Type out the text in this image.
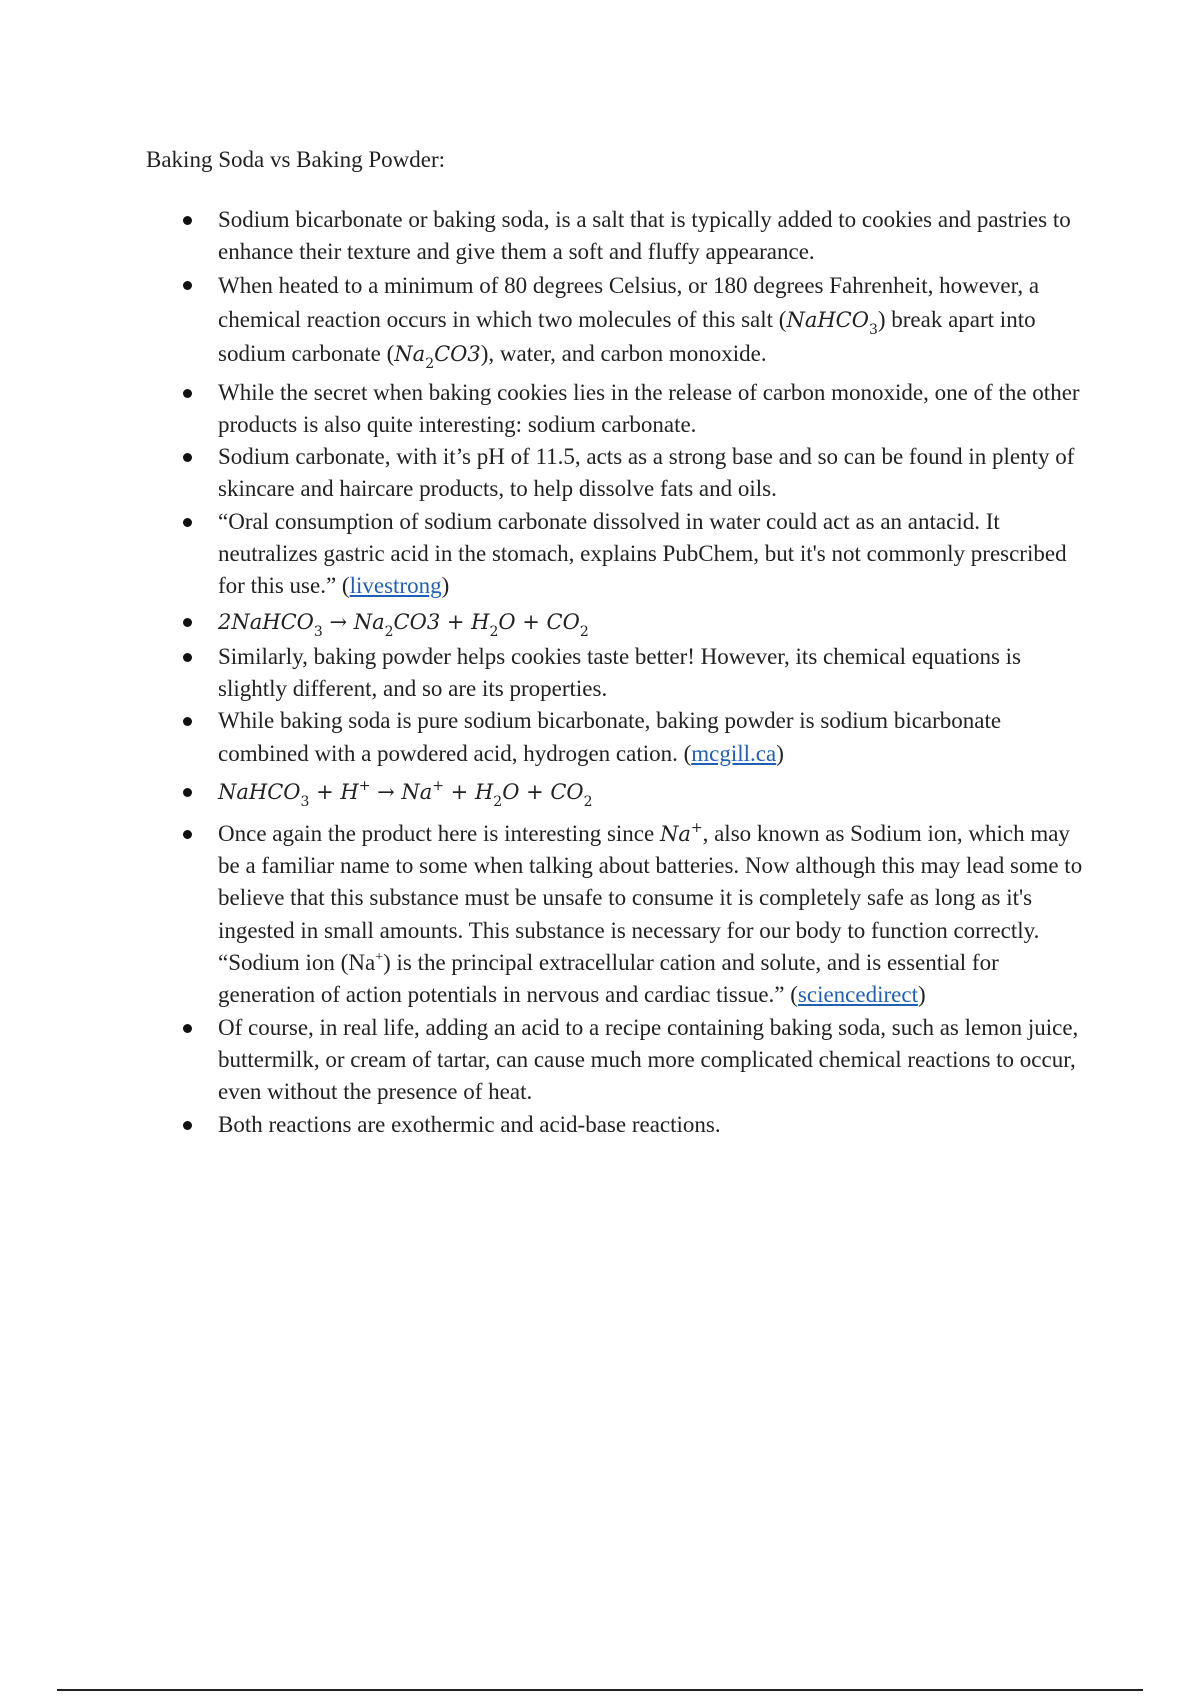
Baking Soda vs Baking Powder:
Sodium bicarbonate or baking soda, is a salt that is typically added to cookies and pastries to enhance their texture and give them a soft and fluffy appearance.
When heated to a minimum of 80 degrees Celsius, or 180 degrees Fahrenheit, however, a chemical reaction occurs in which two molecules of this salt (NaHCO$_3$) break apart into sodium carbonate $(Na_2CO3)$, water, and carbon monoxide.
While the secret when baking cookies lies in the release of carbon monoxide, one of the other products is also quite interesting: sodium carbonate.
Sodium carbonate, with it’s pH of 11.5, acts as a strong base and so can be found in plenty of skincare and haircare products, to help dissolve fats and oils.
“Oral consumption of sodium carbonate dissolved in water could act as an antacid. It neutralizes gastric acid in the stomach, explains PubChem, but it's not commonly prescribed for this use.” (livestrong)
2NaHCO$_3$ → $Na_2CO3 + H_2O + CO_2$
Similarly, baking powder helps cookies taste better! However, its chemical equations is slightly different, and so are its properties.
While baking soda is pure sodium bicarbonate, baking powder is sodium bicarbonate combined with a powdered acid, hydrogen cation. (mcgill.ca)
NaHCO$_3$ + $H^+ \to Na^+ + H_2O + CO_2$
Once again the product here is interesting since Na+, also known as Sodium ion, which may be a familiar name to some when talking about batteries. Now although this may lead some to believe that this substance must be unsafe to consume it is completely safe as long as it's ingested in small amounts. This substance is necessary for our body to function correctly. “Sodium ion (Na+) is the principal extracellular cation and solute, and is essential for generation of action potentials in nervous and cardiac tissue.” (sciencedirect)
Of course, in real life, adding an acid to a recipe containing baking soda, such as lemon juice, buttermilk, or cream of tartar, can cause much more complicated chemical reactions to occur, even without the presence of heat.
Both reactions are exothermic and acid-base reactions.
